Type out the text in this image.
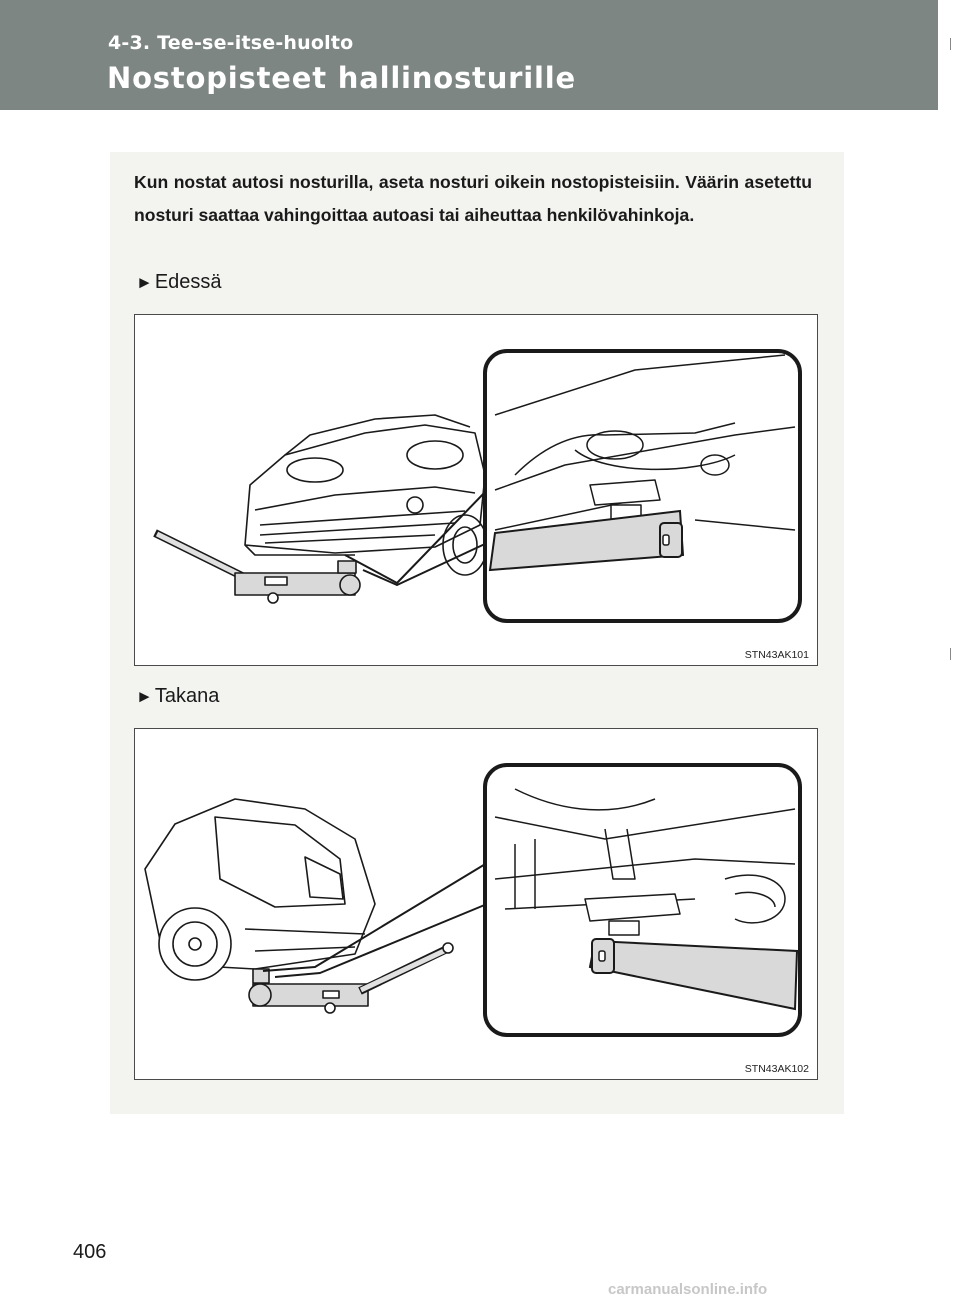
4-3. Tee-se-itse-huolto
Nostopisteet hallinosturille
Kun nostat autosi nosturilla, aseta nosturi oikein nostopisteisiin. Väärin asetettu nosturi saattaa vahingoittaa autoasi tai aiheuttaa henkilövahinkoja.
► Edessä
STN43AK101
► Takana
STN43AK102
406
carmanualsonline.info
